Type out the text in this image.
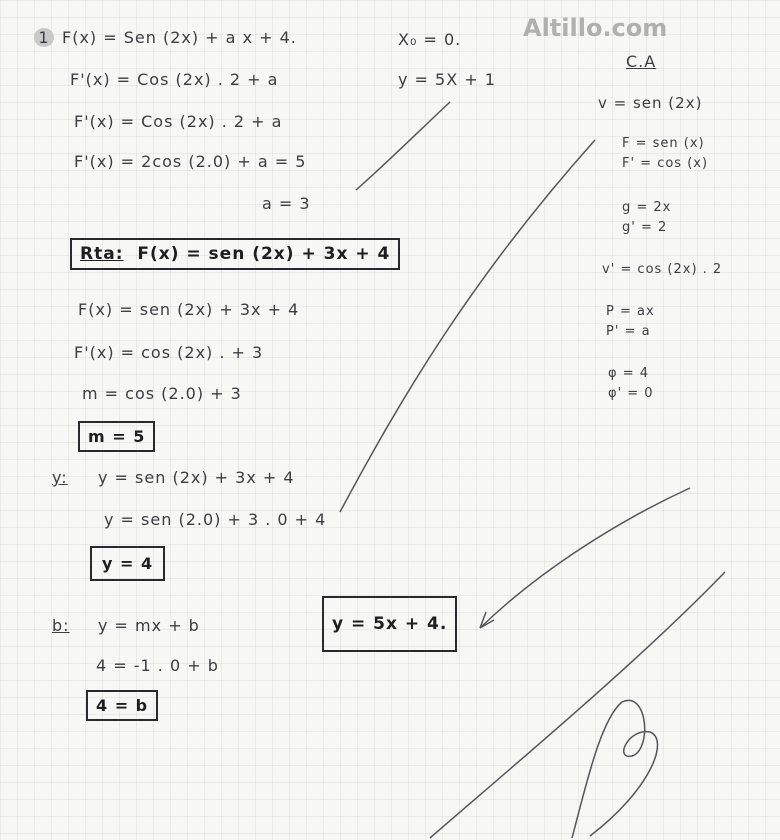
Altillo.com
1 F(x) = Sen (2x) + a x + 4.	X₀ = 0.
y = 5X + 1
F'(x) = Cos (2x) . 2 + a
F'(x) = Cos (2x) . 2 + a
F'(x) = 2cos (2.0) + a = 5
a = 3
Rta: F(x) = sen (2x) + 3x + 4
F(x) = sen (2x) + 3x + 4
F'(x) = cos (2x) . + 3
m = cos (2.0) + 3
m = 5
y: y = sen (2x) + 3x + 4
y = sen (2.0) + 3 . 0 + 4
y = 4
b: y = mx + b
4 = -1 . 0 + b
4 = b
y = 5x + 4.
C.A
v = sen (2x)
F = sen (x)
F' = cos (x)
g = 2x
g' = 2
v' = cos (2x) . 2
P = ax
P' = a
φ = 4
φ' = 0
